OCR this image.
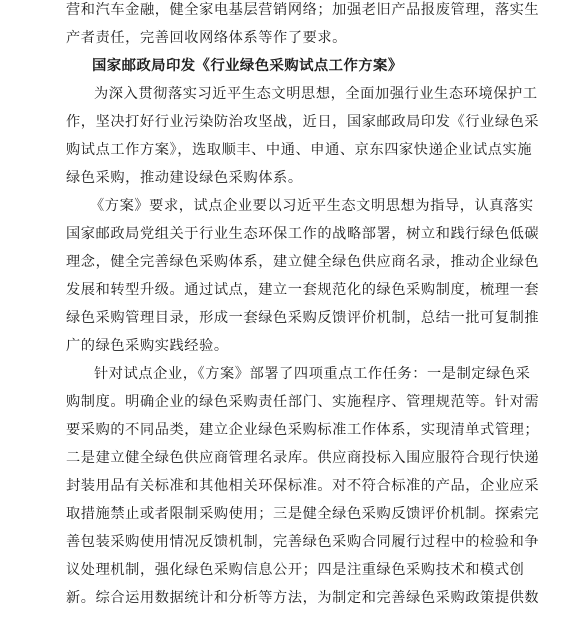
营和汽车金融，健全家电基层营销网络；加强老旧产品报废管理，落实生
产者责任，完善回收网络体系等作了要求。
国家邮政局印发《行业绿色采购试点工作方案》
为深入贯彻落实习近平生态文明思想，全面加强行业生态环境保护工
作，坚决打好行业污染防治攻坚战，近日，国家邮政局印发《行业绿色采
购试点工作方案》，选取顺丰、中通、申通、京东四家快递企业试点实施
绿色采购，推动建设绿色采购体系。
《方案》要求，试点企业要以习近平生态文明思想为指导，认真落实
国家邮政局党组关于行业生态环保工作的战略部署，树立和践行绿色低碳
理念，健全完善绿色采购体系，建立健全绿色供应商名录，推动企业绿色
发展和转型升级。通过试点，建立一套规范化的绿色采购制度，梳理一套
绿色采购管理目录，形成一套绿色采购反馈评价机制，总结一批可复制推
广的绿色采购实践经验。
针对试点企业，《方案》部署了四项重点工作任务：一是制定绿色采
购制度。明确企业的绿色采购责任部门、实施程序、管理规范等。针对需
要采购的不同品类，建立企业绿色采购标准工作体系，实现清单式管理；
二是建立健全绿色供应商管理名录库。供应商投标入围应服符合现行快递
封装用品有关标准和其他相关环保标准。对不符合标准的产品，企业应采
取措施禁止或者限制采购使用；三是健全绿色采购反馈评价机制。探索完
善包装采购使用情况反馈机制，完善绿色采购合同履行过程中的检验和争
议处理机制，强化绿色采购信息公开；四是注重绿色采购技术和模式创
新。综合运用数据统计和分析等方法，为制定和完善绿色采购政策提供数
